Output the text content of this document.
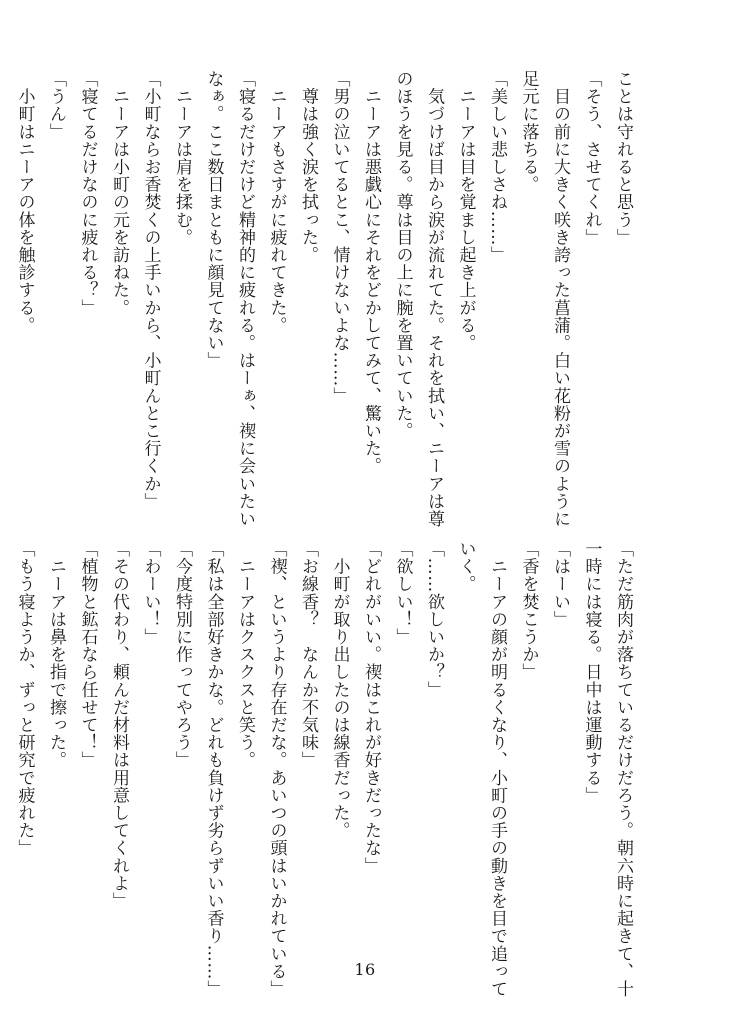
ことは守れると思う」
「そう、させてくれ」
　目の前に大きく咲き誇った菖蒲。白い花粉が雪のように
足元に落ちる。
「美しい悲しさね……」
　ニーアは目を覚まし起き上がる。
　気づけば目から涙が流れてた。それを拭い、ニーアは尊
のほうを見る。尊は目の上に腕を置いていた。
　ニーアは悪戯心にそれをどかしてみて、驚いた。
「男の泣いてるとこ、情けないよな……」
　尊は強く涙を拭った。
　ニーアもさすがに疲れてきた。
「寝るだけだけど精神的に疲れる。はーぁ、禊に会いたい
なぁ。ここ数日まともに顔見てない」
　ニーアは肩を揉む。
「小町ならお香焚くの上手いから、小町んとこ行くか」
　ニーアは小町の元を訪ねた。
「寝てるだけなのに疲れる？」
「うん」
　小町はニーアの体を触診する。
「ただ筋肉が落ちているだけだろう。朝六時に起きて、十
一時には寝る。日中は運動する」
「はーい」
「香を焚こうか」
　ニーアの顔が明るくなり、小町の手の動きを目で追って
いく。
「……欲しいか？」
「欲しい！」
「どれがいい。禊はこれが好きだったな」
　小町が取り出したのは線香だった。
「お線香？　なんか不気味」
「禊、というより存在だな。あいつの頭はいかれている」
　ニーアはクスクスと笑う。
「私は全部好きかな。どれも負けず劣らずいい香り……」
「今度特別に作ってやろう」
「わーい！」
「その代わり、頼んだ材料は用意してくれよ」
「植物と鉱石なら任せて！」
　ニーアは鼻を指で擦った。
「もう寝ようか、ずっと研究で疲れた」
16
